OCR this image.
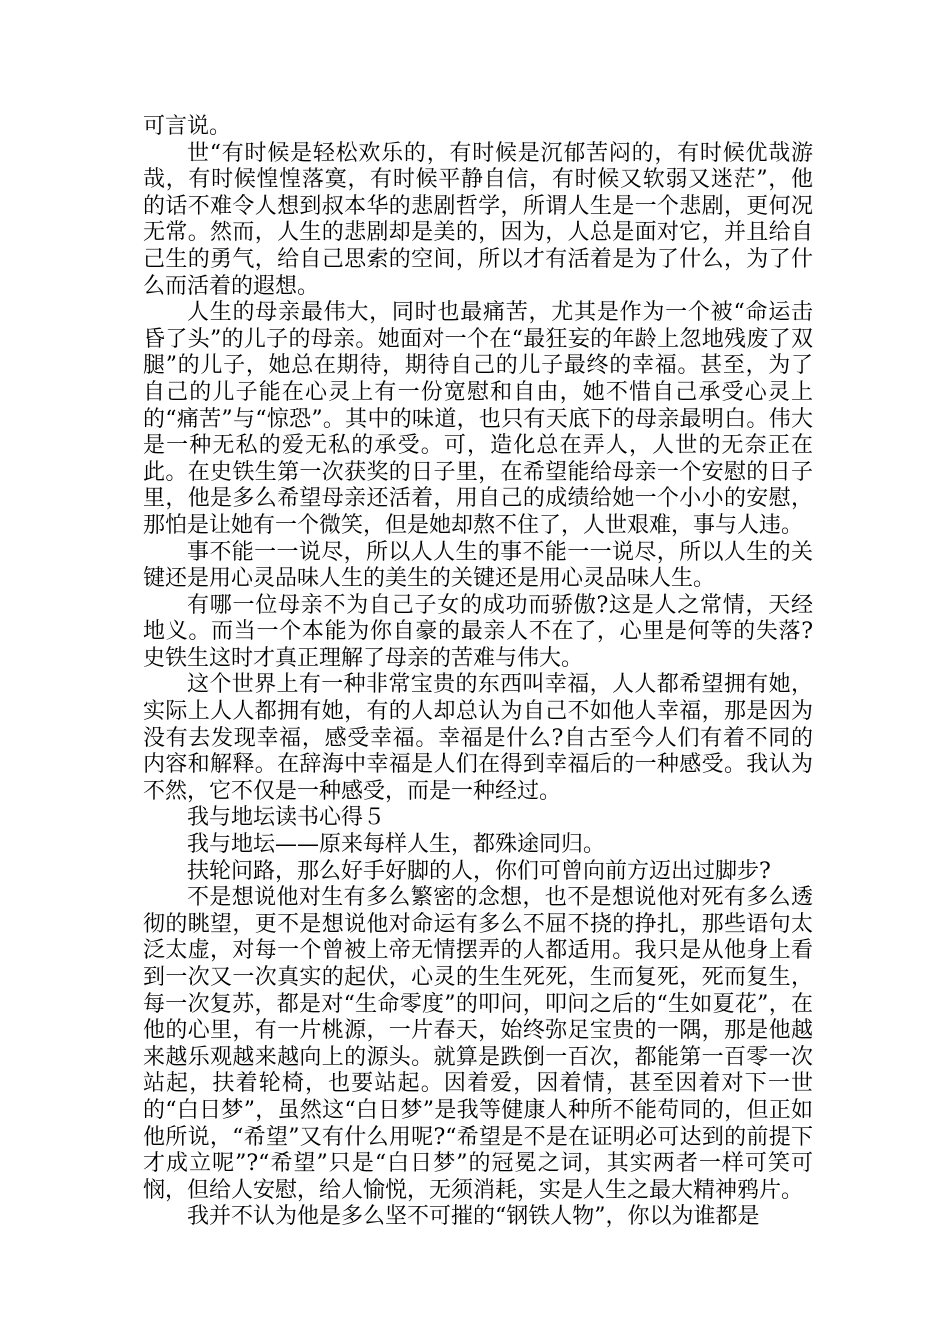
可言说。

世“有时候是轻松欢乐的，有时候是沉郁苦闷的，有时候优哉游哉，有时候惶惶落寞，有时候平静自信，有时候又软弱又迷茫”，他的话不难令人想到叔本华的悲剧哲学，所谓人生是一个悲剧，更何况无常。然而，人生的悲剧却是美的，因为，人总是面对它，并且给自己生的勇气，给自己思索的空间，所以才有活着是为了什么，为了什么而活着的遐想。

人生的母亲最伟大，同时也最痛苦，尤其是作为一个被“命运击昏了头”的儿子的母亲。她面对一个在“最狂妄的年龄上忽地残废了双腿”的儿子，她总在期待，期待自己的儿子最终的幸福。甚至，为了自己的儿子能在心灵上有一份宽慰和自由，她不惜自己承受心灵上的“痛苦”与“惊恐”。其中的味道，也只有天底下的母亲最明白。伟大是一种无私的爱无私的承受。可，造化总在弄人，人世的无奈正在此。在史铁生第一次获奖的日子里，在希望能给母亲一个安慰的日子里，他是多么希望母亲还活着，用自己的成绩给她一个小小的安慰，那怕是让她有一个微笑，但是她却熬不住了，人世艰难，事与人违。

事不能一一说尽，所以人人生的事不能一一说尽，所以人生的关键还是用心灵品味人生的美生的关键还是用心灵品味人生。

有哪一位母亲不为自己子女的成功而骄傲?这是人之常情，天经地义。而当一个本能为你自豪的最亲人不在了，心里是何等的失落?史铁生这时才真正理解了母亲的苦难与伟大。

这个世界上有一种非常宝贵的东西叫幸福，人人都希望拥有她，实际上人人都拥有她，有的人却总认为自己不如他人幸福，那是因为没有去发现幸福，感受幸福。幸福是什么?自古至今人们有着不同的内容和解释。在辞海中幸福是人们在得到幸福后的一种感受。我认为不然，它不仅是一种感受，而是一种经过。

我与地坛读书心得５

我与地坛——原来每样人生，都殊途同归。

扶轮问路，那么好手好脚的人，你们可曾向前方迈出过脚步?

不是想说他对生有多么繁密的念想，也不是想说他对死有多么透彻的眺望，更不是想说他对命运有多么不屈不挠的挣扎，那些语句太泛太虚，对每一个曾被上帝无情摆弄的人都适用。我只是从他身上看到一次又一次真实的起伏，心灵的生生死死，生而复死，死而复生，每一次复苏，都是对“生命零度”的叩问，叩问之后的“生如夏花”，在他的心里，有一片桃源，一片春天，始终弥足宝贵的一隅，那是他越来越乐观越来越向上的源头。就算是跌倒一百次，都能第一百零一次站起，扶着轮椅，也要站起。因着爱，因着情，甚至因着对下一世的“白日梦”，虽然这“白日梦”是我等健康人种所不能苟同的，但正如他所说，“希望”又有什么用呢?“希望是不是在证明必可达到的前提下才成立呢”?“希望”只是“白日梦”的冠冕之词，其实两者一样可笑可悯，但给人安慰，给人愉悦，无须消耗，实是人生之最大精神鸦片。

我并不认为他是多么坚不可摧的“钢铁人物”，你以为谁都是
